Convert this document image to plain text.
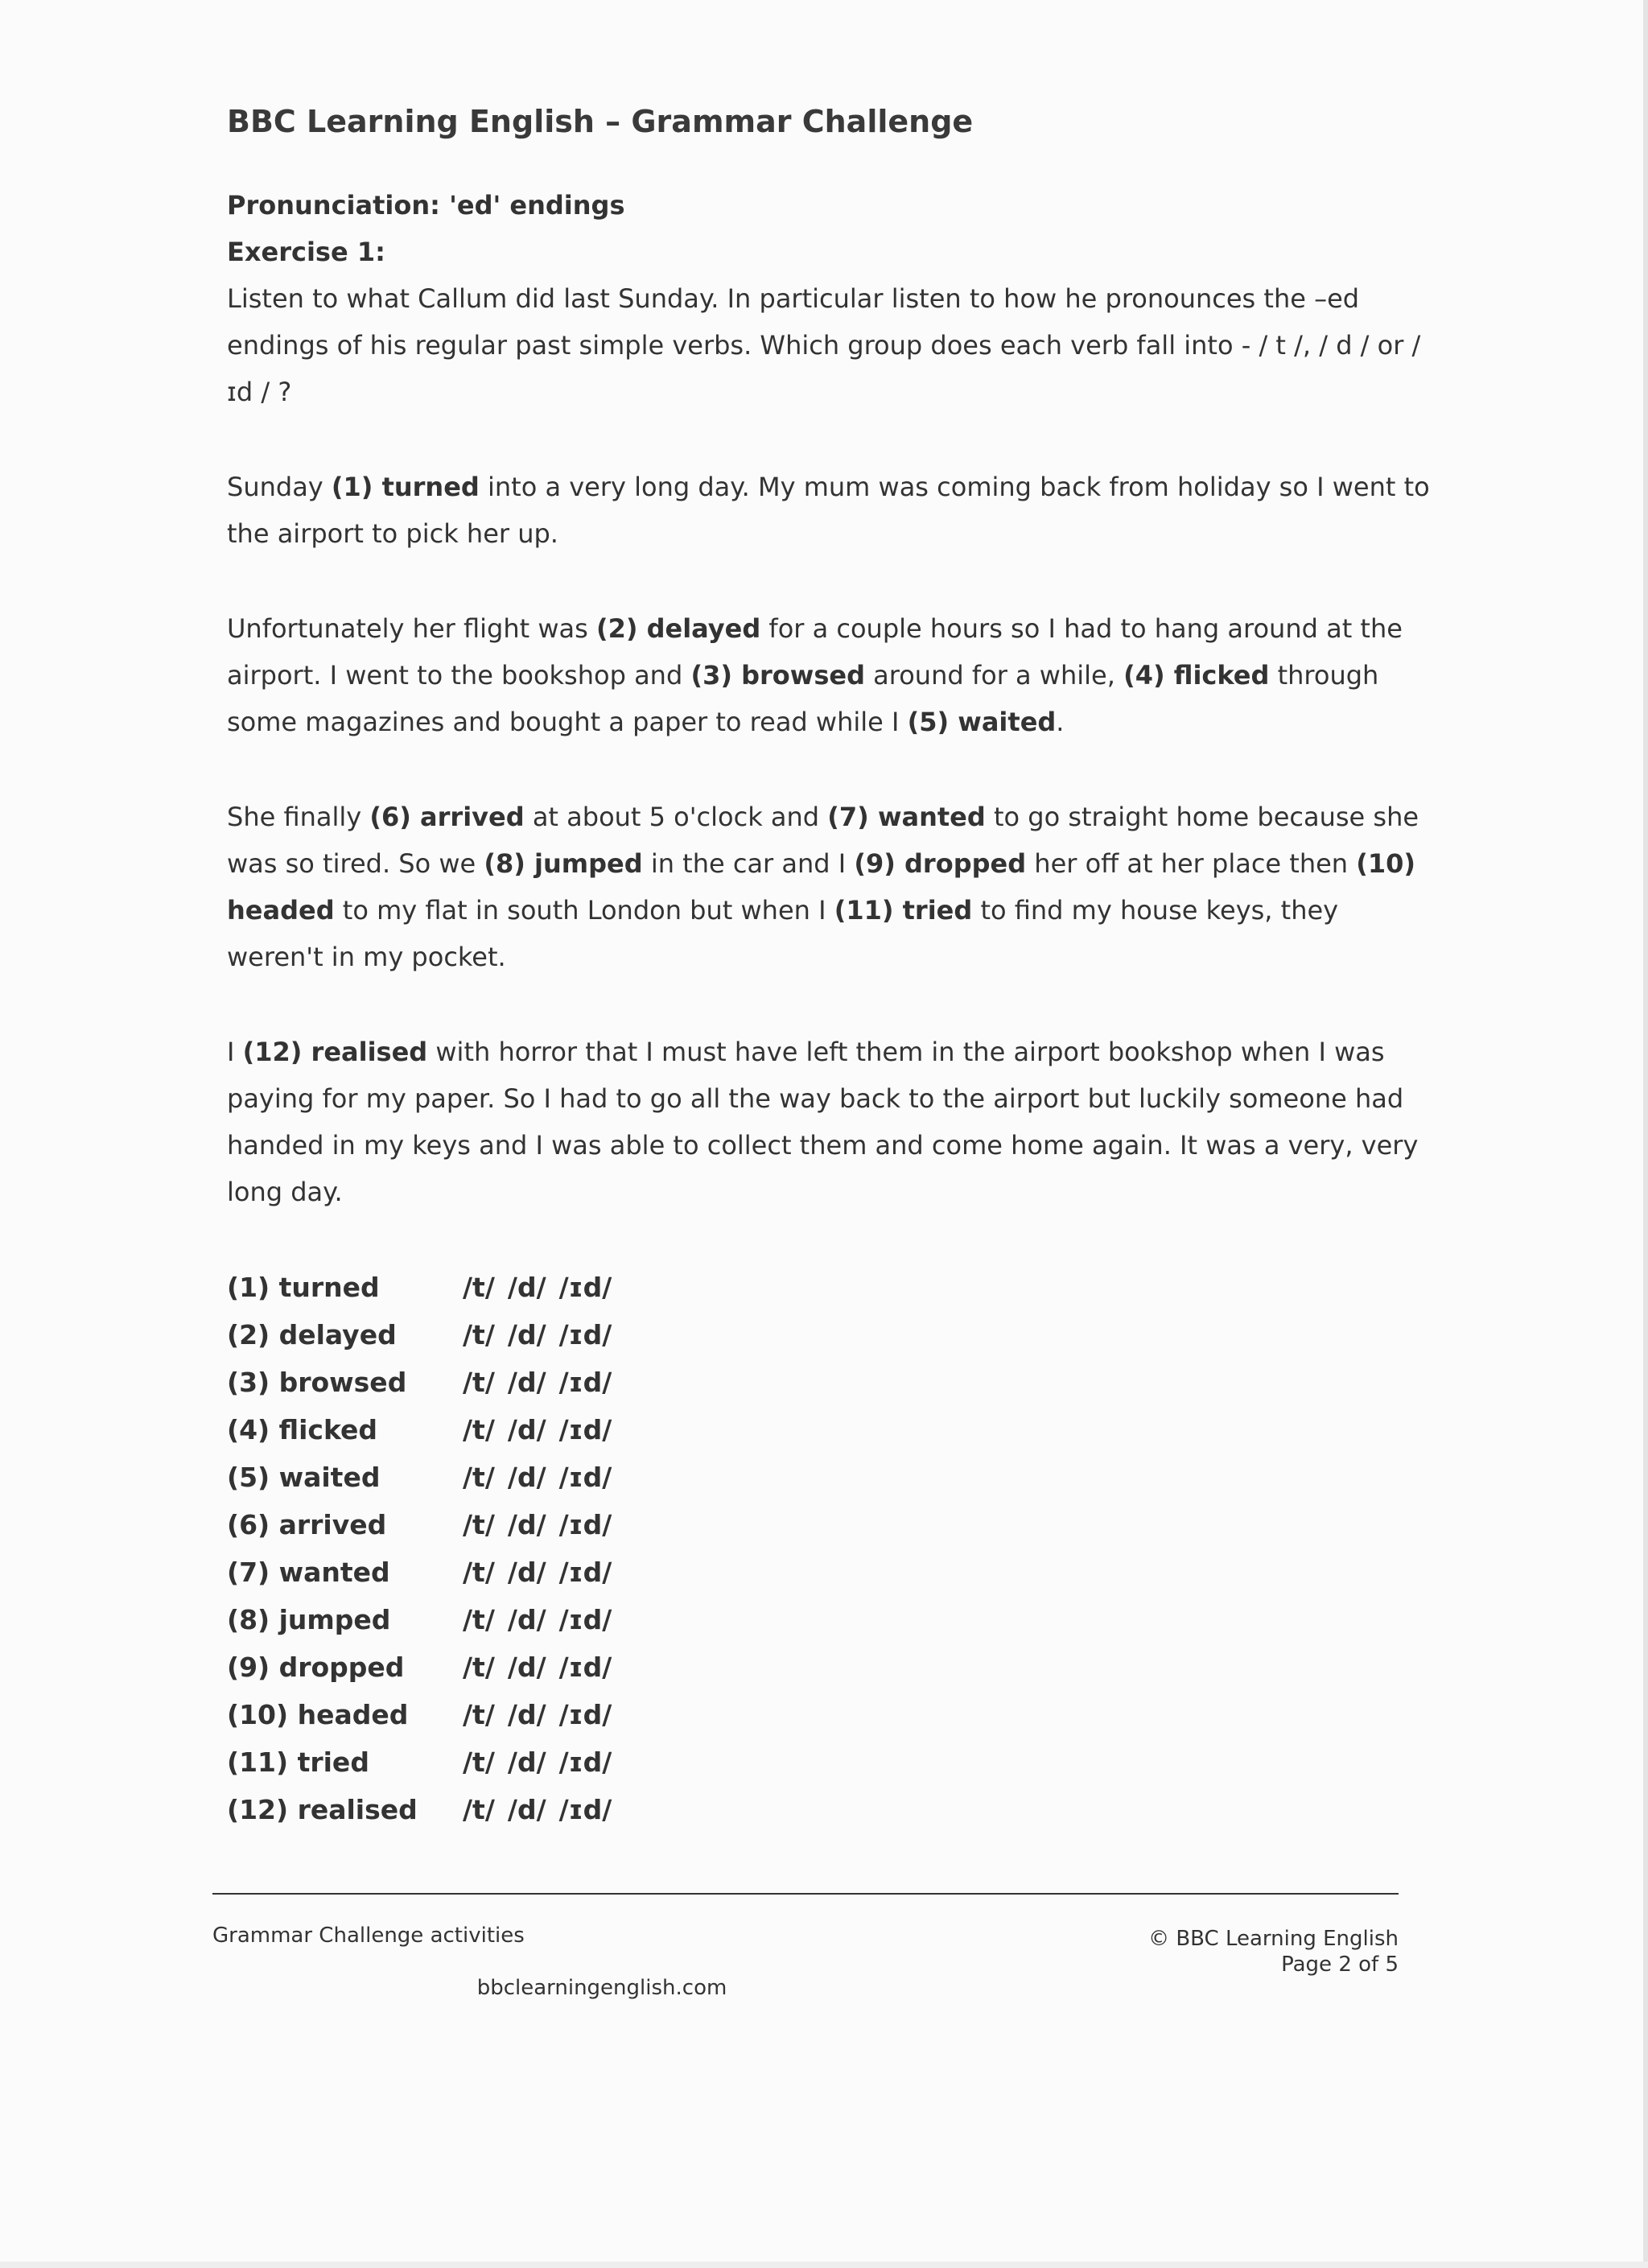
BBC Learning English – Grammar Challenge
Pronunciation: 'ed' endings
Exercise 1:

Listen to what Callum did last Sunday. In particular listen to how he pronounces the –ed endings of his regular past simple verbs. Which group does each verb fall into - / t /, / d / or / ɪd / ?

Sunday (1) turned into a very long day. My mum was coming back from holiday so I went to the airport to pick her up.

Unfortunately her flight was (2) delayed for a couple hours so I had to hang around at the airport. I went to the bookshop and (3) browsed around for a while, (4) flicked through some magazines and bought a paper to read while I (5) waited.

She finally (6) arrived at about 5 o'clock and (7) wanted to go straight home because she was so tired. So we (8) jumped in the car and I (9) dropped her off at her place then (10) headed to my flat in south London but when I (11) tried to find my house keys, they weren't in my pocket.

I (12) realised with horror that I must have left them in the airport bookshop when I was paying for my paper. So I had to go all the way back to the airport but luckily someone had handed in my keys and I was able to collect them and come home again. It was a very, very long day.

(1) turned	/t/	/d/	/ɪd/
(2) delayed	/t/	/d/	/ɪd/
(3) browsed	/t/	/d/	/ɪd/
(4) flicked	/t/	/d/	/ɪd/
(5) waited	/t/	/d/	/ɪd/
(6) arrived	/t/	/d/	/ɪd/
(7) wanted	/t/	/d/	/ɪd/
(8) jumped	/t/	/d/	/ɪd/
(9) dropped	/t/	/d/	/ɪd/
(10) headed	/t/	/d/	/ɪd/
(11) tried	/t/	/d/	/ɪd/
(12) realised	/t/	/d/	/ɪd/
Grammar Challenge activities	© BBC Learning English
Page 2 of 5
bbclearningenglish.com
